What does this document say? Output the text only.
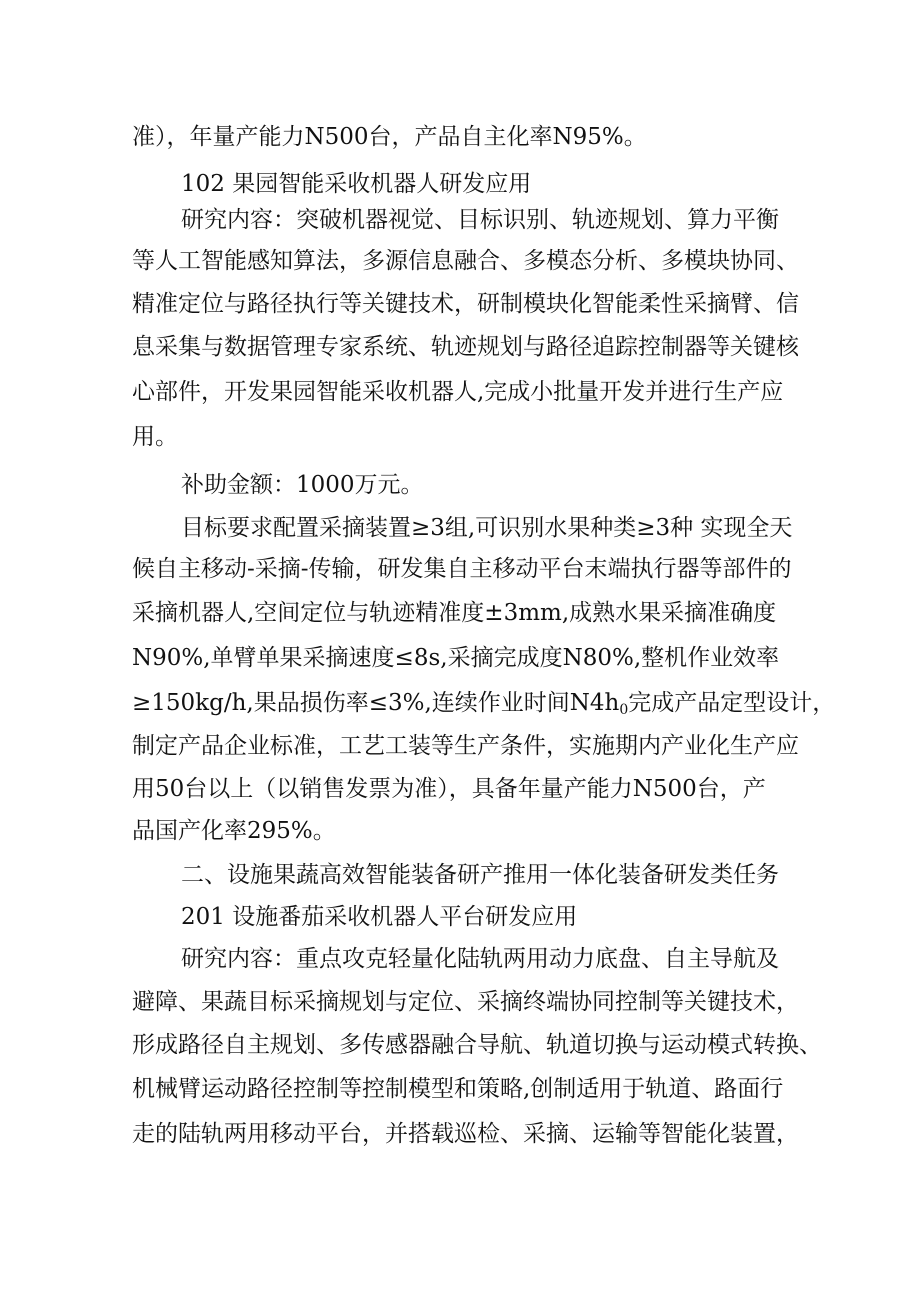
准），年量产能力N500台，产品自主化率N95%。
102 果园智能采收机器人研发应用
研究内容：突破机器视觉、目标识别、轨迹规划、算力平衡
等人工智能感知算法，多源信息融合、多模态分析、多模块协同、
精准定位与路径执行等关键技术，研制模块化智能柔性采摘臂、信
息采集与数据管理专家系统、轨迹规划与路径追踪控制器等关键核
心部件，开发果园智能采收机器人,完成小批量开发并进行生产应
用。
补助金额：1000万元。
目标要求配置采摘装置≥3组,可识别水果种类≥3种 实现全天
候自主移动-采摘-传输，研发集自主移动平台末端执行器等部件的
采摘机器人,空间定位与轨迹精准度±3mm,成熟水果采摘准确度
N90%,单臂单果采摘速度≤8s,采摘完成度N80%,整机作业效率
≥150kg/h,果品损伤率≤3%,连续作业时间$N4h_0$完成产品定型设计，
制定产品企业标准，工艺工装等生产条件，实施期内产业化生产应
用50台以上（以销售发票为准），具备年量产能力N500台，产
品国产化率295%。
二、设施果蔬高效智能装备研产推用一体化装备研发类任务
201 设施番茄采收机器人平台研发应用
研究内容：重点攻克轻量化陆轨两用动力底盘、自主导航及
避障、果蔬目标采摘规划与定位、采摘终端协同控制等关键技术，
形成路径自主规划、多传感器融合导航、轨道切换与运动模式转换、
机械臂运动路径控制等控制模型和策略,创制适用于轨道、路面行
走的陆轨两用移动平台，并搭载巡检、采摘、运输等智能化装置，
